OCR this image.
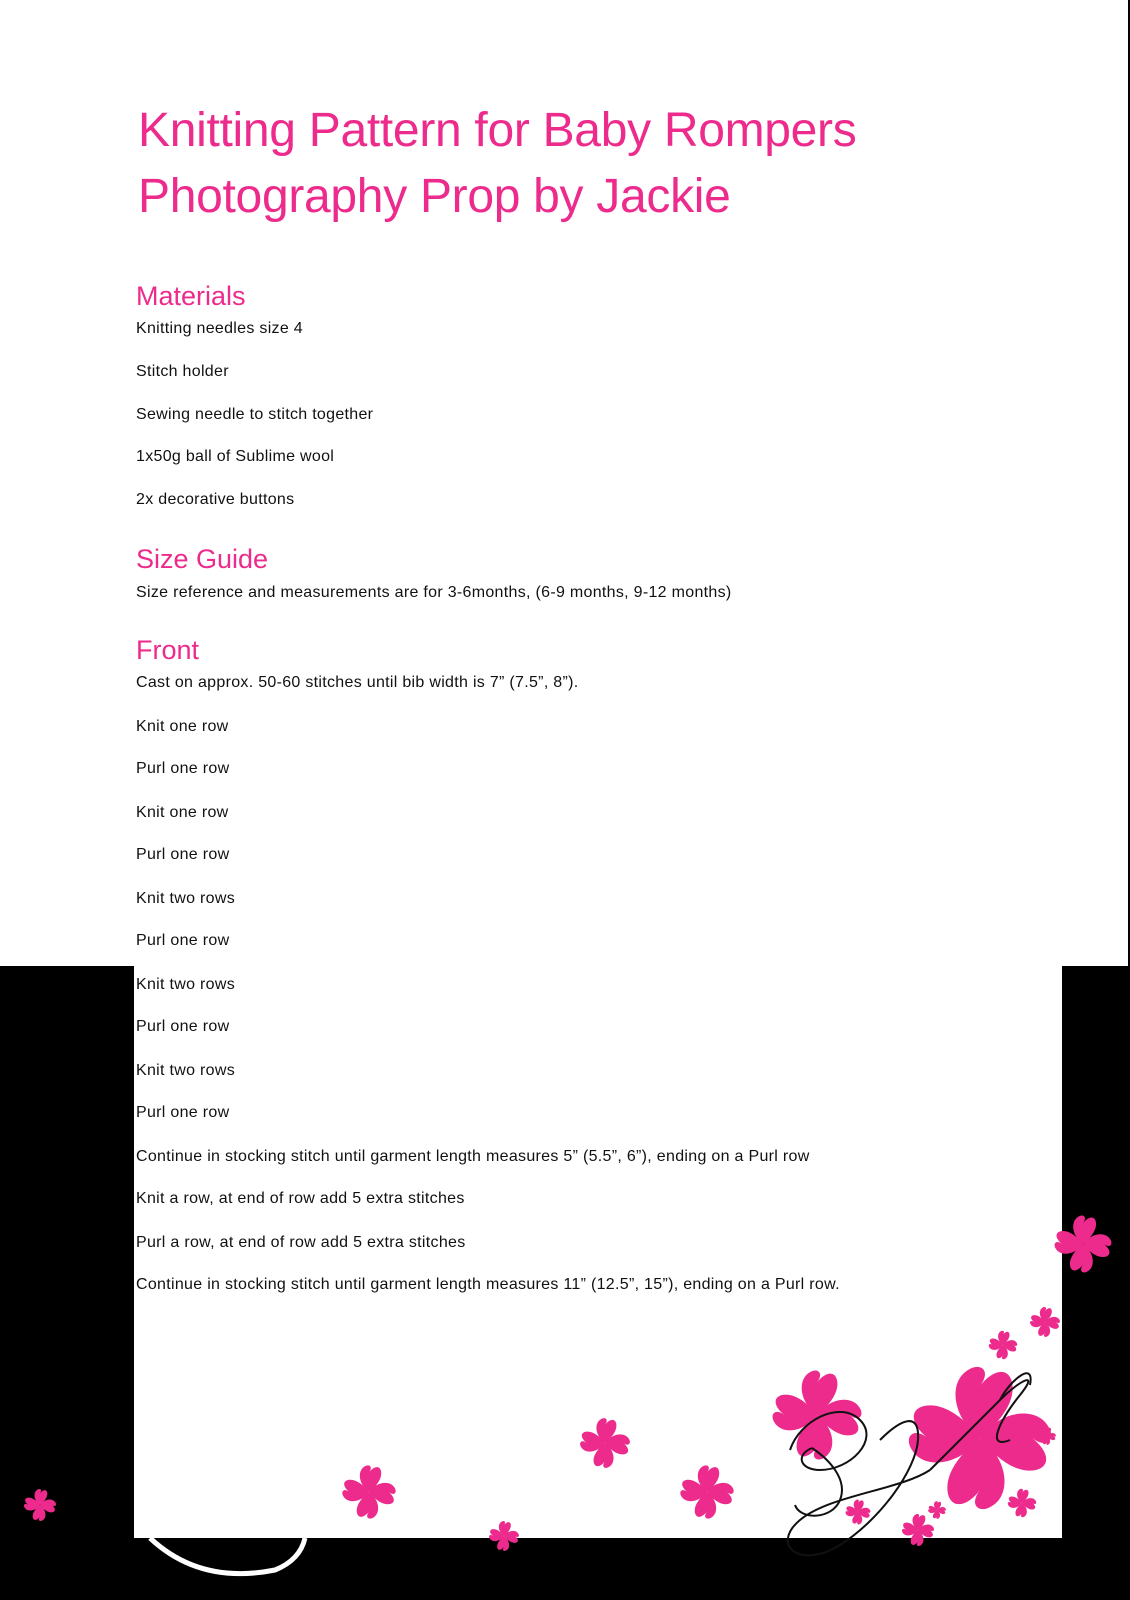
Knitting Pattern for Baby Rompers
Photography Prop by Jackie
Materials

Knitting needles size 4

Stitch holder

Sewing needle to stitch together

1x50g ball of Sublime wool

2x decorative buttons

Size Guide

Size reference and measurements are for 3-6months, (6-9 months, 9-12 months)

Front

Cast on approx. 50-60 stitches until bib width is 7” (7.5”, 8”).

Knit one row

Purl one row

Knit one row

Purl one row

Knit two rows

Purl one row

Knit two rows

Purl one row

Knit two rows

Purl one row

Continue in stocking stitch until garment length measures 5” (5.5”, 6”), ending on a Purl row

Knit a row, at end of row add 5 extra stitches

Purl a row, at end of row add 5 extra stitches

Continue in stocking stitch until garment length measures 11” (12.5”, 15”), ending on a Purl row.
